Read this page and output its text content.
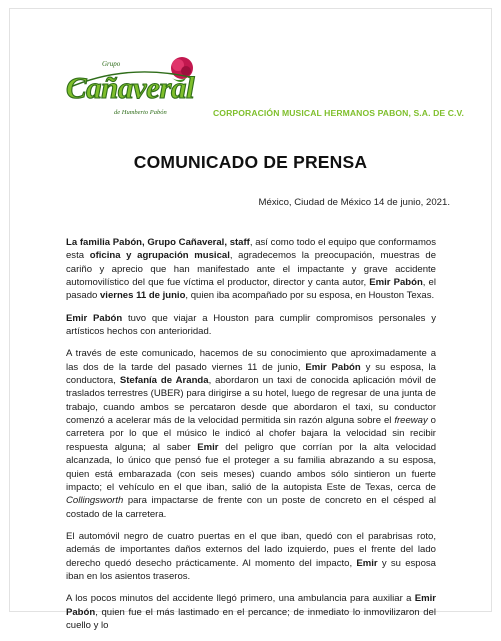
Grupo
Cañaveral
de Humberto Pabón	CORPORACIÓN MUSICAL HERMANOS PABON, S.A. DE C.V.
COMUNICADO DE PRENSA
México, Ciudad de México 14 de junio, 2021.

La familia Pabón, Grupo Cañaveral, staff, así como todo el equipo que conformamos esta oficina y agrupación musical, agradecemos la preocupación, muestras de cariño y aprecio que han manifestado ante el impactante y grave accidente automovilístico del que fue víctima el productor, director y canta autor, Emir Pabón, el pasado viernes 11 de junio, quien iba acompañado por su esposa, en Houston Texas.

Emir Pabón tuvo que viajar a Houston para cumplir compromisos personales y artísticos hechos con anterioridad.

A través de este comunicado, hacemos de su conocimiento que aproximadamente a las dos de la tarde del pasado viernes 11 de junio, Emir Pabón y su esposa, la conductora, Stefanía de Aranda, abordaron un taxi de conocida aplicación móvil de traslados terrestres (UBER) para dirigirse a su hotel, luego de regresar de una junta de trabajo, cuando ambos se percataron desde que abordaron el taxi, su conductor comenzó a acelerar más de la velocidad permitida sin razón alguna sobre el freeway o carretera por lo que el músico le indicó al chofer bajara la velocidad sin recibir respuesta alguna; al saber Emir del peligro que corrían por la alta velocidad alcanzada, lo único que pensó fue el proteger a su familia abrazando a su esposa, quien está embarazada (con seis meses) cuando ambos sólo sintieron un fuerte impacto; el vehículo en el que iban, salió de la autopista Este de Texas, cerca de Collingsworth para impactarse de frente con un poste de concreto en el césped al costado de la carretera.

El automóvil negro de cuatro puertas en el que iban, quedó con el parabrisas roto, además de importantes daños externos del lado izquierdo, pues el frente del lado derecho quedó desecho prácticamente. Al momento del impacto, Emir y su esposa iban en los asientos traseros.

A los pocos minutos del accidente llegó primero, una ambulancia para auxiliar a Emir Pabón, quien fue el más lastimado en el percance; de inmediato lo inmovilizaron del cuello y lo
